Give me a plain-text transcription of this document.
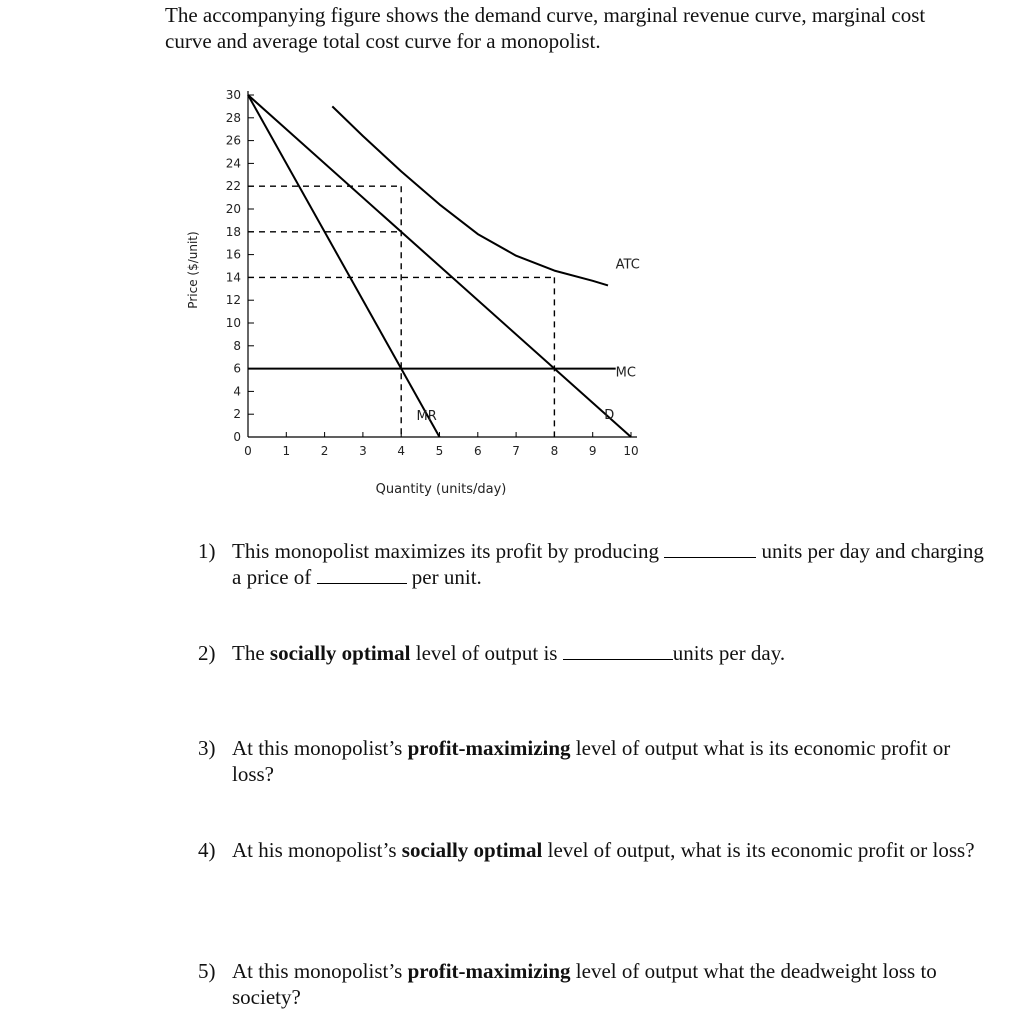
The accompanying figure shows the demand curve, marginal revenue curve, marginal cost curve and average total cost curve for a monopolist.

0
2
4
6
8
10
12
14
16
18
20
22
24
26
28
30
0	1	2	3	4	5	6	7	8	9 10
D
MR
MC
ATC
Price ($/unit)
Quantity (units/day)
1) This monopolist maximizes its profit by producing	units per day and charging a price of	per unit.
2) The socially optimal level of output is	units per day.
3) At this monopolist’s profit-maximizing level of output what is its economic profit or loss?
4) At his monopolist’s socially optimal level of output, what is its economic profit or loss?
5) At this monopolist’s profit-maximizing level of output what the deadweight loss to society?
